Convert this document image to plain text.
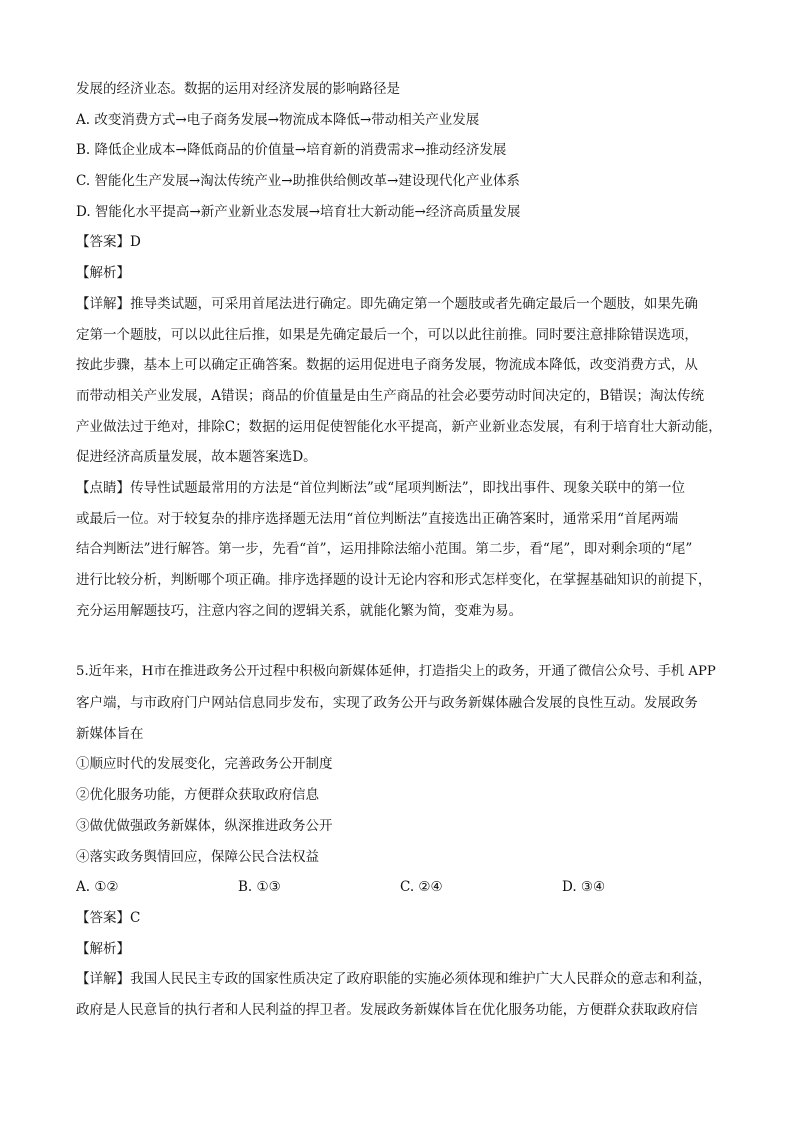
发展的经济业态。数据的运用对经济发展的影响路径是
A. 改变消费方式→电子商务发展→物流成本降低→带动相关产业发展
B. 降低企业成本→降低商品的价值量→培育新的消费需求→推动经济发展
C. 智能化生产发展→淘汰传统产业→助推供给侧改革→建设现代化产业体系
D. 智能化水平提高→新产业新业态发展→培育壮大新动能→经济高质量发展
【答案】D
【解析】
【详解】推导类试题，可采用首尾法进行确定。即先确定第一个题肢或者先确定最后一个题肢，如果先确
定第一个题肢，可以以此往后推，如果是先确定最后一个，可以以此往前推。同时要注意排除错误选项，
按此步骤，基本上可以确定正确答案。数据的运用促进电子商务发展，物流成本降低，改变消费方式，从
而带动相关产业发展，A错误；商品的价值量是由生产商品的社会必要劳动时间决定的，B错误；淘汰传统
产业做法过于绝对，排除C；数据的运用促使智能化水平提高，新产业新业态发展，有利于培育壮大新动能，
促进经济高质量发展，故本题答案选D。
【点睛】传导性试题最常用的方法是“首位判断法”或“尾项判断法”，即找出事件、现象关联中的第一位
或最后一位。对于较复杂的排序选择题无法用“首位判断法”直接选出正确答案时，通常采用“首尾两端
结合判断法”进行解答。第一步，先看“首”，运用排除法缩小范围。第二步，看“尾”，即对剩余项的“尾”
进行比较分析，判断哪个项正确。排序选择题的设计无论内容和形式怎样变化，在掌握基础知识的前提下，
充分运用解题技巧，注意内容之间的逻辑关系，就能化繁为简，变难为易。
5.近年来，H市在推进政务公开过程中积极向新媒体延伸，打造指尖上的政务，开通了微信公众号、手机 APP
客户端，与市政府门户网站信息同步发布，实现了政务公开与政务新媒体融合发展的良性互动。发展政务
新媒体旨在
①顺应时代的发展变化，完善政务公开制度
②优化服务功能，方便群众获取政府信息
③做优做强政务新媒体，纵深推进政务公开
④落实政务舆情回应，保障公民合法权益
A. ①②	B. ①③	C. ②④	D. ③④
【答案】C
【解析】
【详解】我国人民民主专政的国家性质决定了政府职能的实施必须体现和维护广大人民群众的意志和利益，
政府是人民意旨的执行者和人民利益的捍卫者。发展政务新媒体旨在优化服务功能，方便群众获取政府信
